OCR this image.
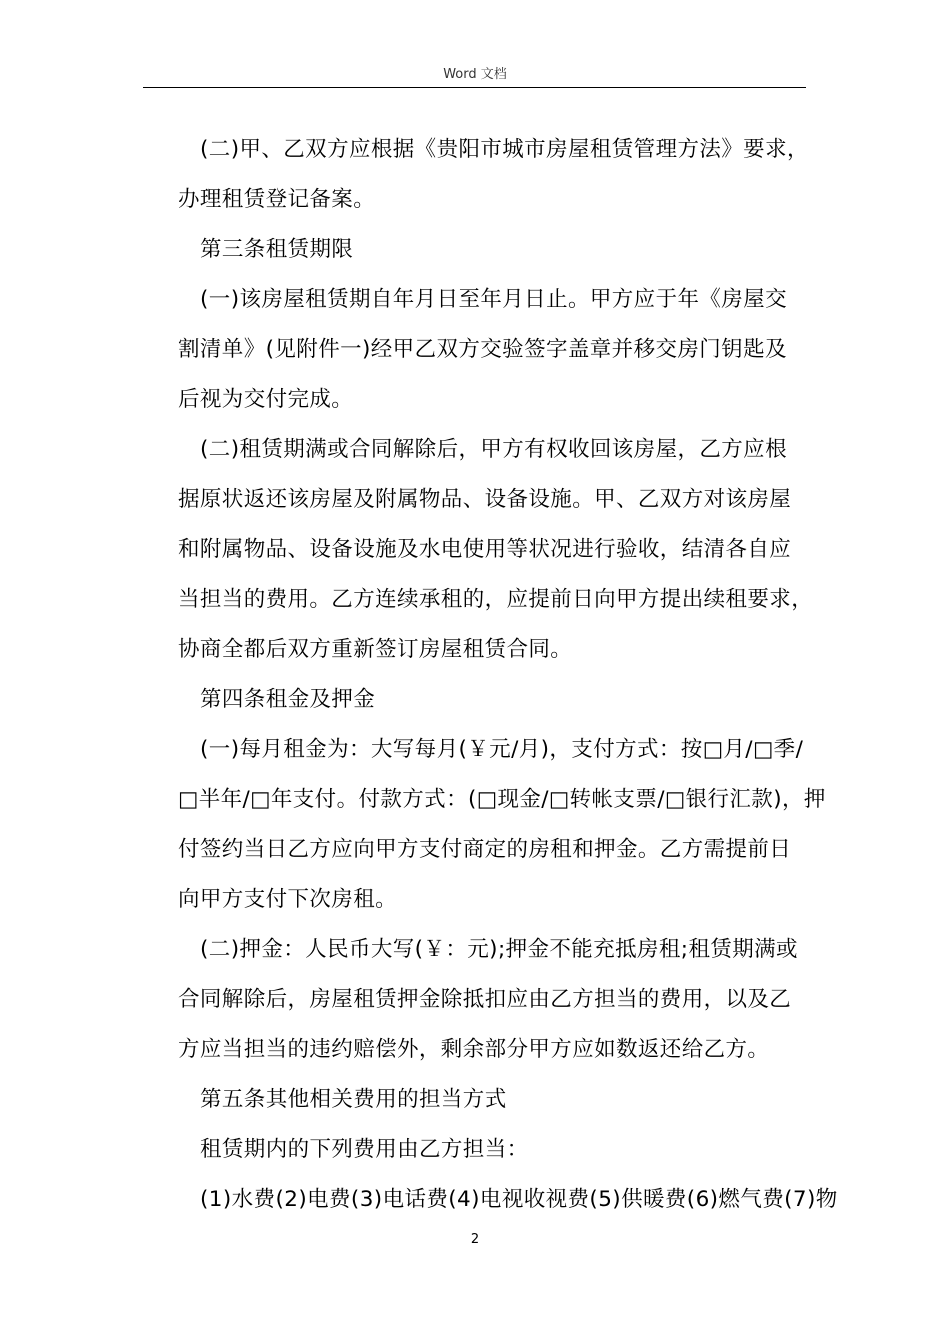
Word 文档
(二)甲、乙双方应根据《贵阳市城市房屋租赁管理方法》要求，
办理租赁登记备案。
第三条租赁期限
(一)该房屋租赁期自年月日至年月日止。甲方应于年《房屋交
割清单》(见附件一)经甲乙双方交验签字盖章并移交房门钥匙及
后视为交付完成。
(二)租赁期满或合同解除后，甲方有权收回该房屋，乙方应根
据原状返还该房屋及附属物品、设备设施。甲、乙双方对该房屋
和附属物品、设备设施及水电使用等状况进行验收，结清各自应
当担当的费用。乙方连续承租的，应提前日向甲方提出续租要求，
协商全都后双方重新签订房屋租赁合同。
第四条租金及押金
(一)每月租金为：大写每月(￥元/月)，支付方式：按□月/□季/
□半年/□年支付。付款方式：(□现金/□转帐支票/□银行汇款)，押
付签约当日乙方应向甲方支付商定的房租和押金。乙方需提前日
向甲方支付下次房租。
(二)押金：人民币大写(￥：元);押金不能充抵房租;租赁期满或
合同解除后，房屋租赁押金除抵扣应由乙方担当的费用，以及乙
方应当担当的违约赔偿外，剩余部分甲方应如数返还给乙方。
第五条其他相关费用的担当方式
租赁期内的下列费用由乙方担当：
(1)水费(2)电费(3)电话费(4)电视收视费(5)供暖费(6)燃气费(7)物
2
